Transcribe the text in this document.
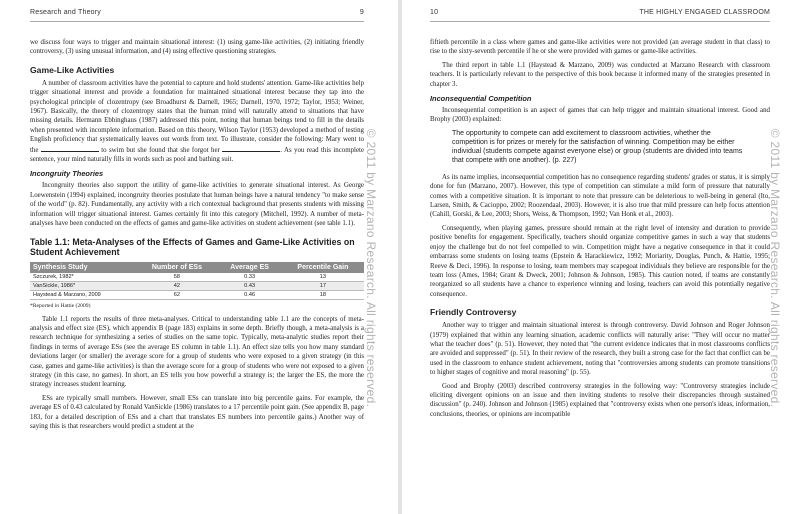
Research and Theory	9

we discuss four ways to trigger and maintain situational interest: (1) using game-like activities, (2) initiating friendly controversy, (3) using unusual information, and (4) using effective questioning strategies.

Game-Like Activities

A number of classroom activities have the potential to capture and hold students' attention. Game-like activities help trigger situational interest and provide a foundation for maintained situational interest because they tap into the psychological principle of cloze​ntropy (see Broadhurst & Darnell, 1965; Darnell, 1970, 1972; Taylor, 1953; Weiner, 1967). Basically, the theory of clozentropy states that the human mind will naturally attend to situations that have missing details. Hermann Ebbinghaus (1987) addressed this point, noting that human beings tend to fill in the details when presented with incomplete information. Based on this theory, Wilson Taylor (1953) developed a method of testing English proficiency that systematically leaves out words from text. To illustrate, consider the following: Mary went to the	to swim but she found that she forgot her	. As you read this incomplete sentence, your mind naturally fills in words such as pool and bathing suit.

Incongruity Theories

Incongruity theories also support the utility of game-like activities to generate situational interest. As George Loewenstein (1994) explained, incongruity theories postulate that human beings have a natural tendency "to make sense of the world" (p. 82). Fundamentally, any activity with a rich contextual background that presents students with missing information will trigger situational interest. Games certainly fit into this category (Mitchell, 1992). A number of meta-analyses have been conducted on the effects of games and game-like activities on student achievement (see table 1.1).

Table 1.1: Meta-Analyses of the Effects of Games and Game-Like Activities on Student Achievement
Synthesis Study	Number of ESs	Average ES	Percentile Gain
Szczurek, 1982*	58	0.33	13
VanSickle, 1986*	42	0.43	17
Hays​tead & Marzano, 2009	62	0.46	18
*Reported in Hattie (2009)

Table 1.1 reports the results of three meta-analyses. Critical to understanding table 1.1 are the concepts of meta-analysis and effect size (ES), which appendix B (page 183) explains in some depth. Briefly though, a meta-analysis is a research technique for synthesizing a series of studies on the same topic. Typically, meta-analytic studies report their findings in terms of average ESs (see the average ES column in table 1.1). An effect size tells you how many standard deviations larger (or smaller) the average score for a group of students who were exposed to a given strategy (in this case, games and game-like activities) is than the average score for a group of students who were not exposed to a given strategy (in this case, no games). In short, an ES tells you how powerful a strategy is; the larger the ES, the more the strategy increases student learning.

ESs are typically small numbers. However, small ESs can translate into big percentile gains. For example, the average ES of 0.43 calculated by Ronald VanSickle (1986) translates to a 17 percentile point gain. (See appendix B, page 183, for a detailed description of ESs and a chart that translates ES numbers into percentile gains.) Another way of saying this is that researchers would predict a student at the

© 2011 by Marzano Research. All rights reserved.
10	THE HIGHLY ENGAGED CLASSROOM

fiftieth percentile in a class where games and game-like activities were not provided (an average student in that class) to rise to the sixty-seventh percentile if he or she were provided with games or game-like activities.

The third report in table 1.1 (Haystead & Marzano, 2009) was conducted at Marzano Research with classroom teachers. It is particularly relevant to the perspective of this book because it informed many of the strategies presented in chapter 3.

Inconsequential Competition

Inconsequential competition is an aspect of games that can help trigger and maintain situational interest. Good and Brophy (2003) explained:

The opportunity to compete can add excitement to classroom activities, whether the competition is for prizes or merely for the satisfaction of winning. Competition may be either individual (students compete against everyone else) or group (students are divided into teams that compete with one another). (p. 227)

As its name implies, inconsequential competition has no consequence regarding students' grades or status, it is simply done for fun (Marzano, 2007). However, this type of competition can stimulate a mild form of pressure that naturally comes with a competitive situation. It is important to note that pressure can be deleterious to well-being in general (Ito, Larsen, Smith, & Cacioppo, 2002; Roozendaal, 2003). However, it is also true that mild pressure can help focus attention (Cahill, Gorski, & Lee, 2003; Shors, Weiss, & Thompson, 1992; Van Honk et al., 2003).

Consequently, when playing games, pressure should remain at the right level of intensity and duration to provide positive benefits for engagement. Specifically, teachers should organize competitive games in such a way that students enjoy the challenge but do not feel compelled to win. Competition might have a negative consequence in that it could embarrass some students on losing teams (Epstein & Harackiewicz, 1992; Moriarity, Douglas, Punch, & Hattie, 1995; Reeve & Deci, 1996). In response to losing, team members may scapegoat individuals they believe are responsible for the team loss (Ames, 1984; Grant & Dweck, 2001; Johnson & Johnson, 1985). This caution noted, if teams are constantly reorganized so all students have a chance to experience winning and losing, teachers can avoid this potentially negative consequence.

Friendly Controversy

Another way to trigger and maintain situational interest is through controversy. David Johnson and Roger Johnson (1979) explained that within any learning situation, academic conflicts will naturally arise: "They will occur no matter what the teacher does" (p. 51). However, they noted that "the current evidence indicates that in most classrooms conflicts are avoided and suppressed" (p. 51). In their review of the research, they built a strong case for the fact that conflict can be used in the classroom to enhance student achievement, noting that "controversies among students can promote transitions to higher stages of cognitive and moral reasoning" (p. 55).

Good and Brophy (2003) described controversy strategies in the following way: "Controversy strategies include eliciting divergent opinions on an issue and then inviting students to resolve their discrepancies through sustained discussion" (p. 240). Johnson and Johnson (1985) explained that "controversy exists when one person's ideas, information, conclusions, theories, or opinions are incompatible

© 2011 by Marzano Research. All rights reserved.
